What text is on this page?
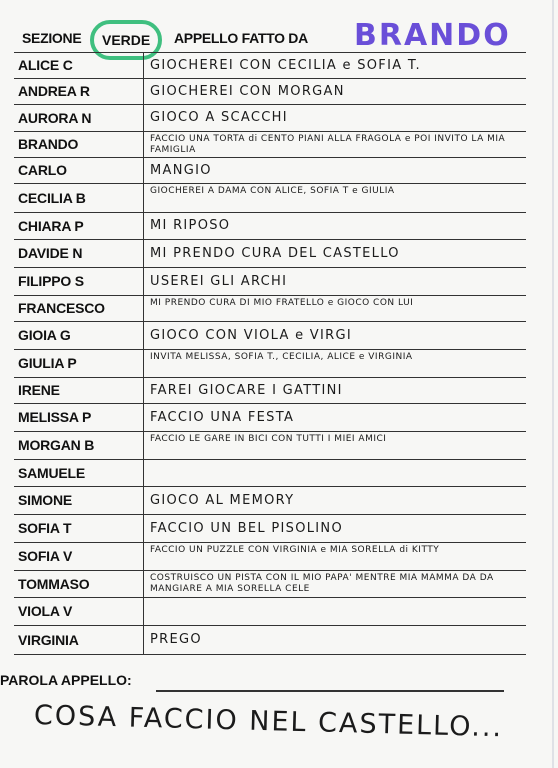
SEZIONE	VERDE	APPELLO FATTO DA BRANDO
ALICE C	GIOCHEREI CON CECILIA e SOFIA T.
ANDREA R	GIOCHEREI CON MORGAN
AURORA N	GIOCO A SCACCHI
BRANDO	FACCIO UNA TORTA di CENTO PIANI ALLA FRAGOLA e POI INVITO LA MIA FAMIGLIA
CARLO	MANGIO
CECILIA B	GIOCHEREI A DAMA CON ALICE, SOFIA T e GIULIA
CHIARA P	MI RIPOSO
DAVIDE N	MI PRENDO CURA DEL CASTELLO
FILIPPO S	USEREI GLI ARCHI
FRANCESCO	MI PRENDO CURA DI MIO FRATELLO e GIOCO CON LUI
GIOIA G	GIOCO CON VIOLA e VIRGI
GIULIA P	INVITA MELISSA, SOFIA T., CECILIA, ALICE e VIRGINIA
IRENE	FAREI GIOCARE I GATTINI
MELISSA P	FACCIO UNA FESTA
MORGAN B	FACCIO LE GARE IN BICI CON TUTTI I MIEI AMICI
SAMUELE
SIMONE	GIOCO AL MEMORY
SOFIA T	FACCIO UN BEL PISOLINO
SOFIA V	FACCIO UN PUZZLE CON VIRGINIA e MIA SORELLA di KITTY
TOMMASO	COSTRUISCO UN PISTA CON IL MIO PAPA' MENTRE MIA MAMMA DA DA MANGIARE A MIA SORELLA CELE
VIOLA V
VIRGINIA	PREGO
PAROLA APPELLO:
COSA FACCIO NEL CASTELLO...
